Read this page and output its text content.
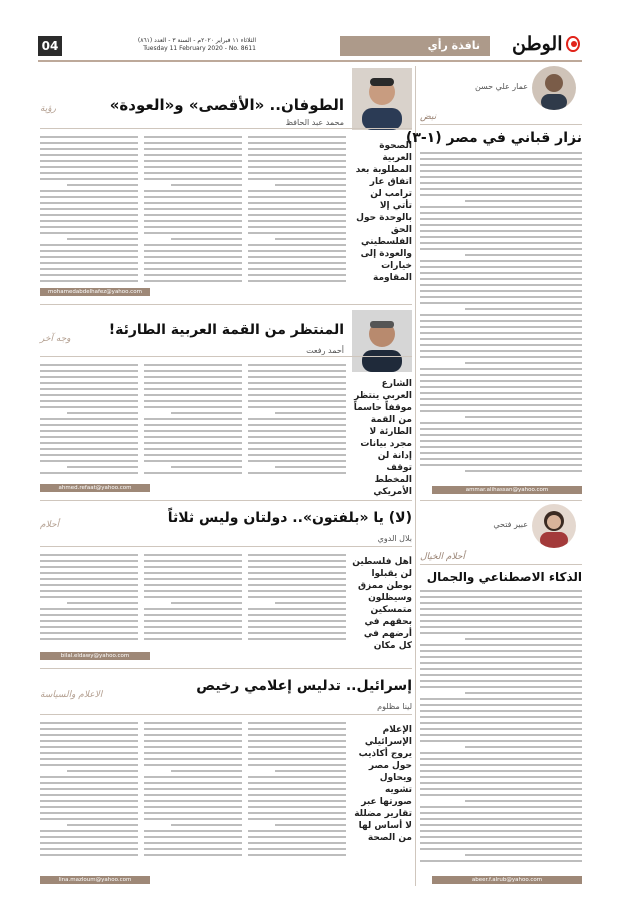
الوطن
نافذة رأي
الثلاثاء ١١ فبراير ٢٠٢٠م - السنة ٣ - العدد (٨٦١)
Tuesday 11 February 2020 - No. 8611
04
عمار علي حسن
نبض
نزار قباني في مصر (١-٣)
ammar.alihassan@yahoo.com
عبير فتحي
أحلام الخيال
الذكاء الاصطناعي والجمال
abeer.f.alrub@yahoo.com
الطوفان.. «الأقصى» و«العودة»
محمد عبد الحافظ
رؤية
الصحوة العربية المطلوبة بعد اتفاق عار ترامب لن تأتي إلا بالوحدة حول الحق الفلسطيني والعودة إلى خيارات المقاومة
mohamedabdelhafez@yahoo.com
المنتظر من القمة العربية الطارئة!
أحمد رفعت
وجه آخر
الشارع العربي ينتظر موقفاً حاسماً من القمة الطارئة لا مجرد بيانات إدانة لن توقف المخطط الأمريكي
ahmed.refaat@yahoo.com
(لا) يا «بلفتون».. دولتان وليس ثلاثاً
بلال الدوي
أحلام
أهل فلسطين لن يقبلوا بوطن ممزق وسيظلون متمسكين بحقهم في أرضهم في كل مكان
bilal.eldawy@yahoo.com
إسرائيل.. تدليس إعلامي رخيص
لينا مظلوم
الاعلام والسياسة
الإعلام الإسرائيلي يروج أكاذيب حول مصر ويحاول تشويه صورتها عبر تقارير مضللة لا أساس لها من الصحة
lina.mazloum@yahoo.com
